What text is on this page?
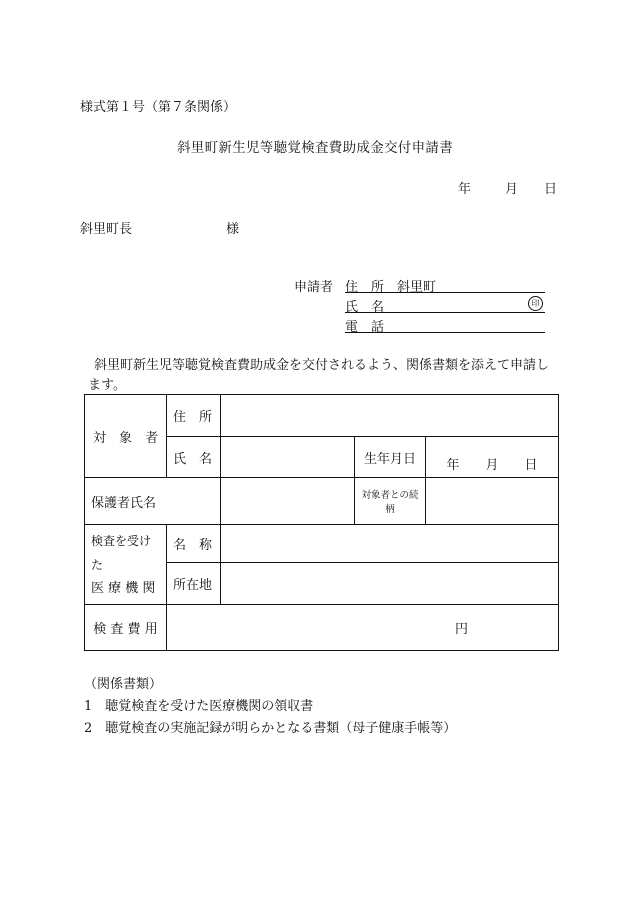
様式第１号（第７条関係）
斜里町新生児等聴覚検査費助成金交付申請書
年	月 日
斜里町長	様
申請者 住　所 斜里町
氏　名	印
電　話
斜里町新生児等聴覚検査費助成金を交付されるよう、関係書類を添えて申請します。
対　象　者	住　所			
	氏　名		生年月日	年　　月　　日
保護者氏名			対象者との続柄	

検査を受けた
医 療 機 関	名　称			
	所在地			
検 査 費 用	円			
（関係書類）
1　聴覚検査を受けた医療機関の領収書
2　聴覚検査の実施記録が明らかとなる書類（母子健康手帳等）
